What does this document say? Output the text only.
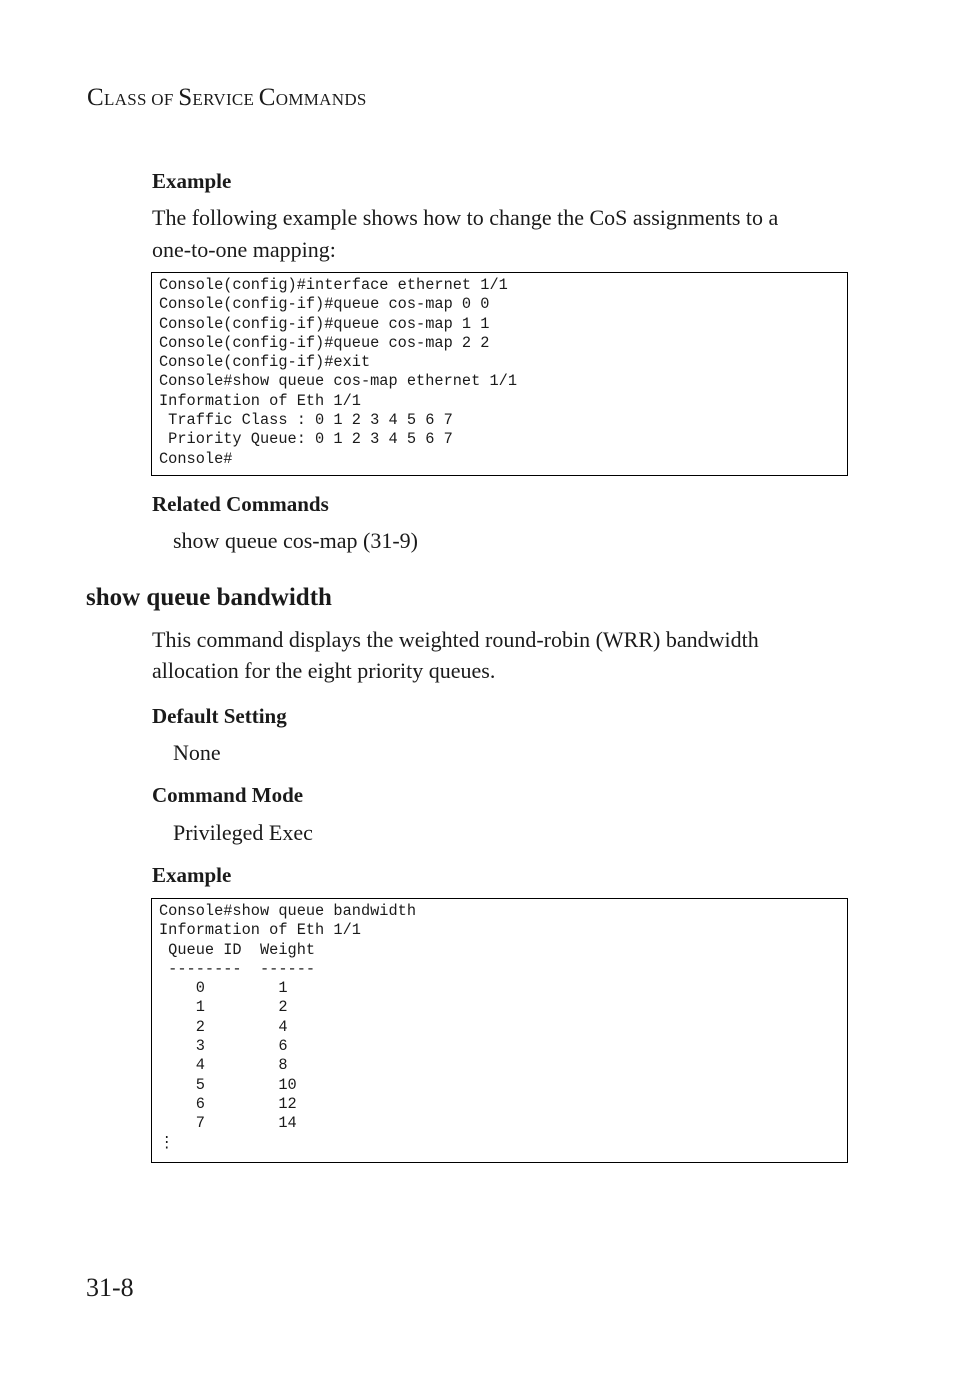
CLASS OF SERVICE COMMANDS
Example
The following example shows how to change the CoS assignments to a
one-to-one mapping:
Console(config)#interface ethernet 1/1
Console(config-if)#queue cos-map 0 0
Console(config-if)#queue cos-map 1 1
Console(config-if)#queue cos-map 2 2
Console(config-if)#exit
Console#show queue cos-map ethernet 1/1
Information of Eth 1/1
Traffic Class : 0 1 2 3 4 5 6 7
Priority Queue: 0 1 2 3 4 5 6 7
Console#
Related Commands
show queue cos-map (31-9)
show queue bandwidth
This command displays the weighted round-robin (WRR) bandwidth
allocation for the eight priority queues.
Default Setting
None
Command Mode
Privileged Exec
Example
Console#show queue bandwidth
Information of Eth 1/1
Queue ID  Weight
--------  ------
0        1
1        2
2        4
3        6
4        8
5        10
6        12
7        14
⋮
31-8
